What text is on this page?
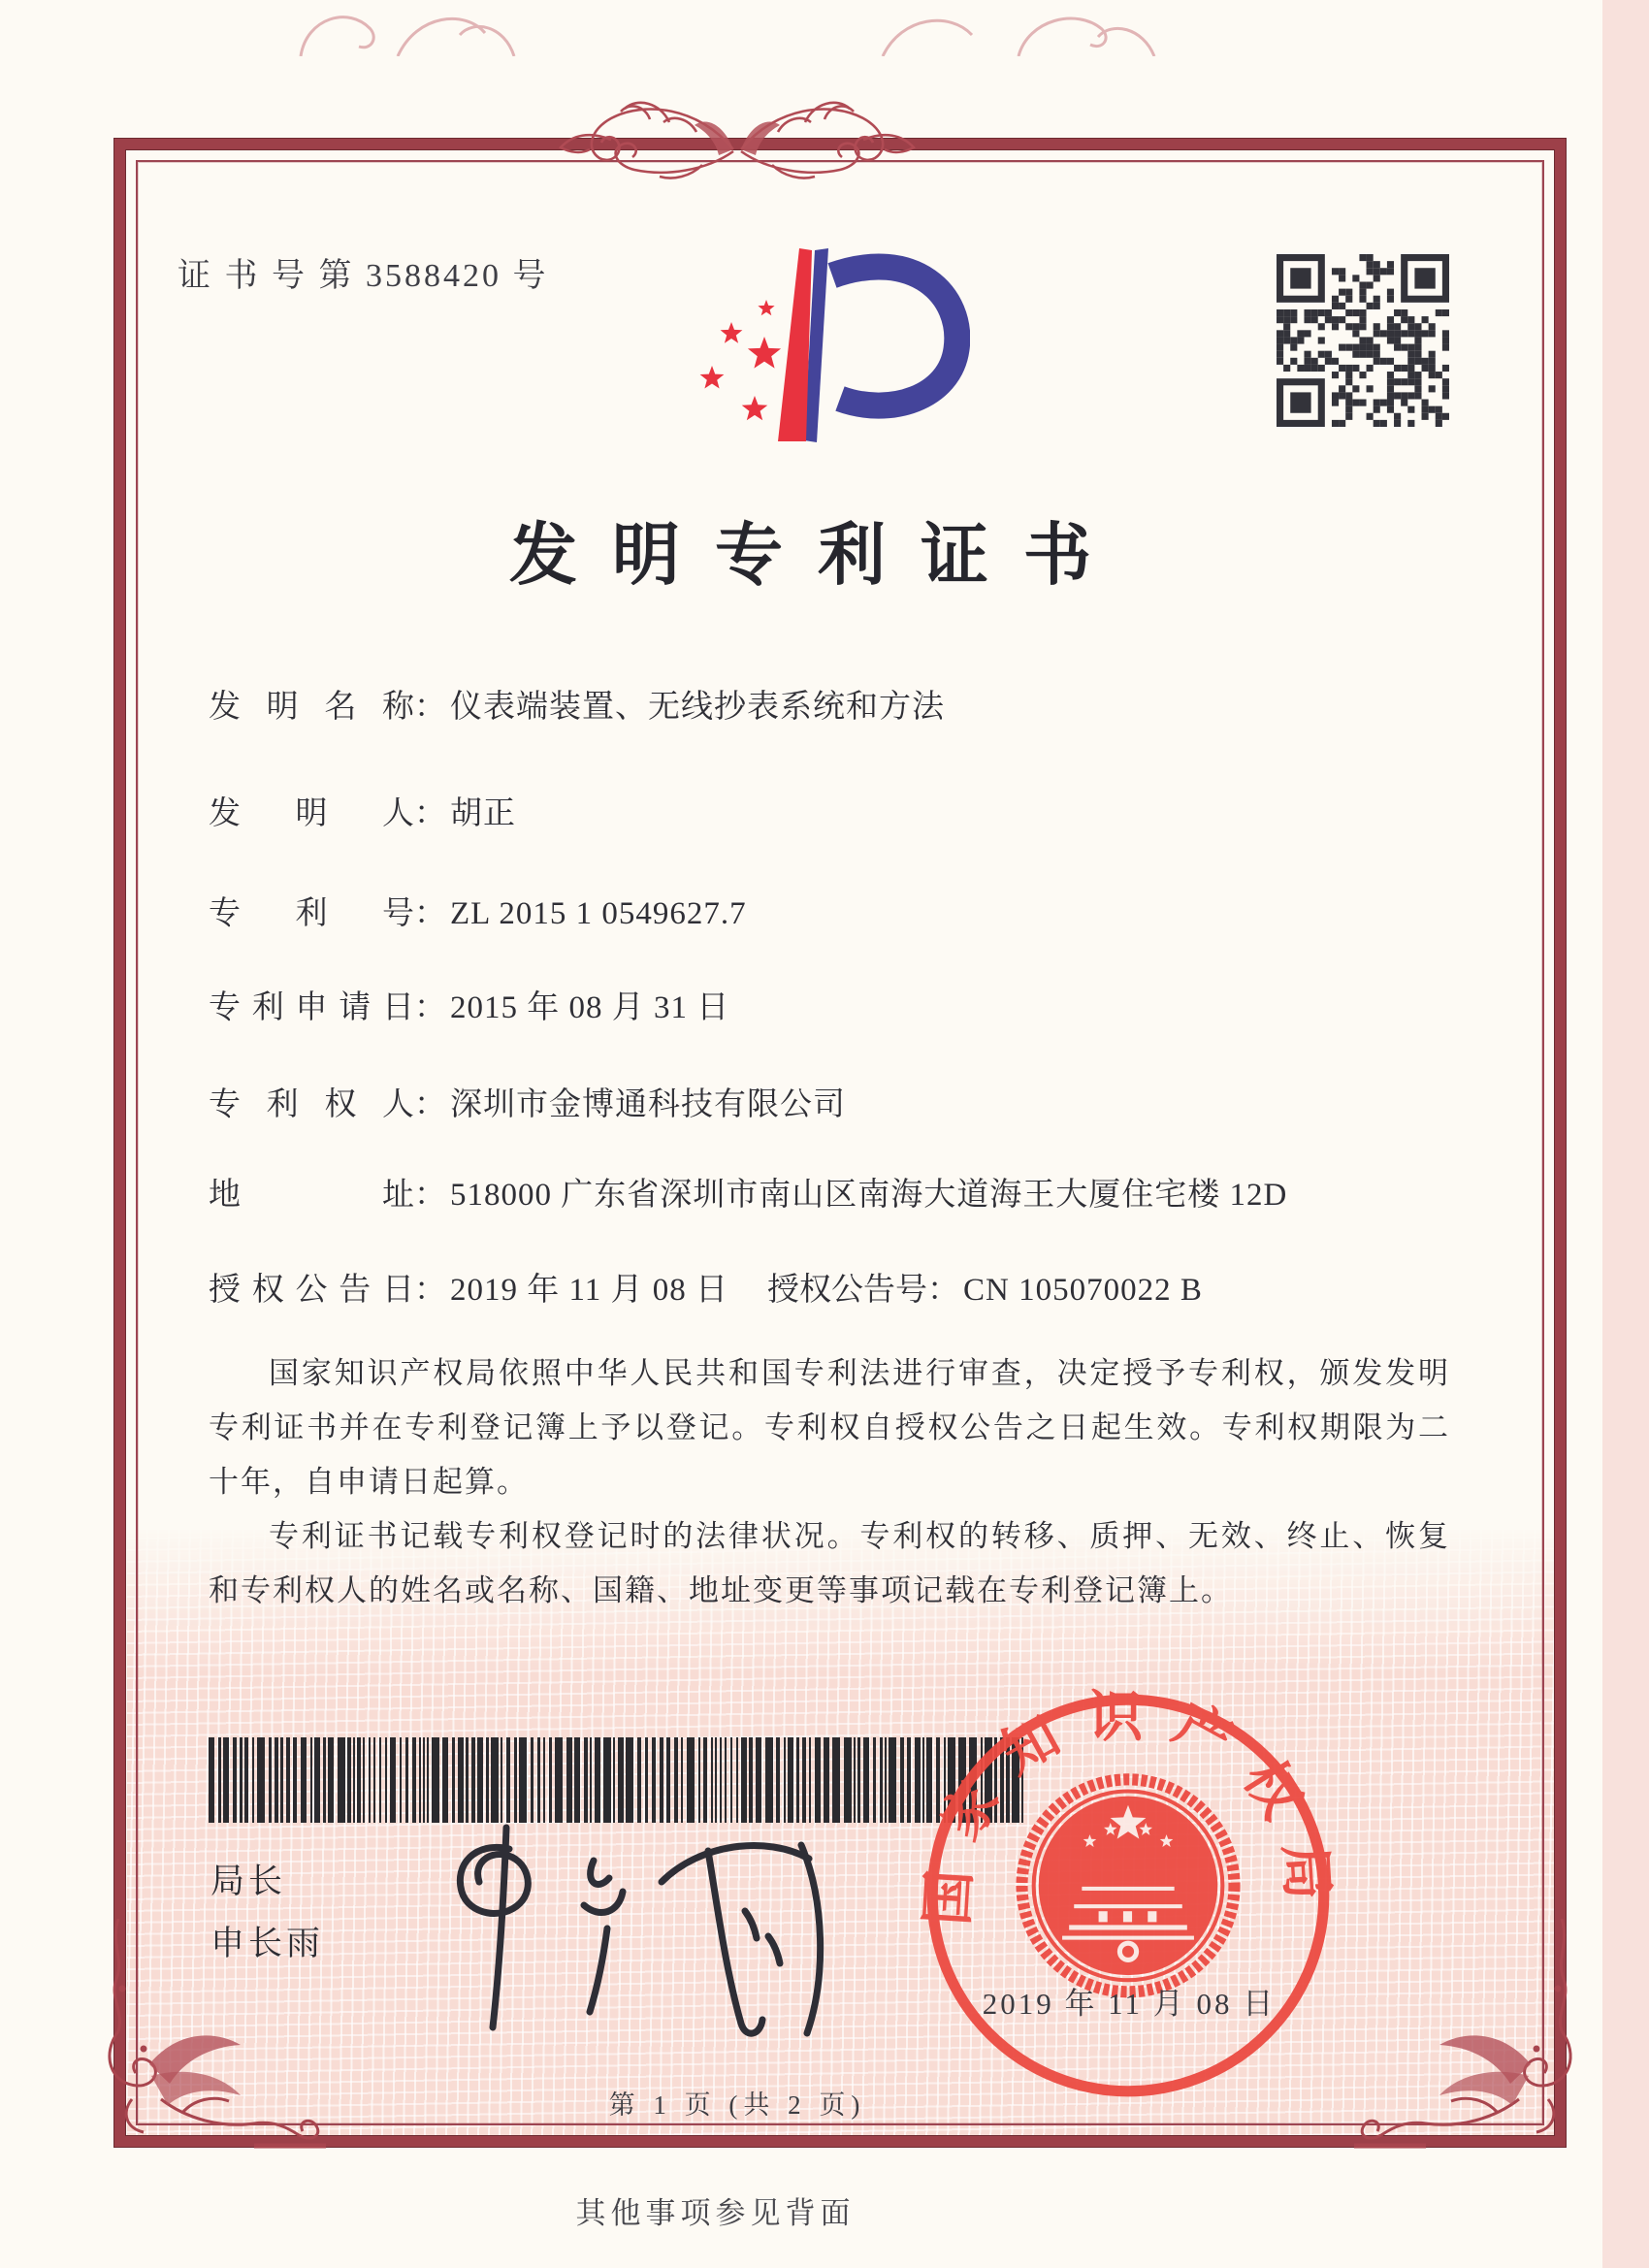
证 书 号 第 3588420 号
发明专利证书
发明名称： 仪表端装置、无线抄表系统和方法
发明人： 胡正
专利号： ZL 2015 1 0549627.7
专利申请日： 2015 年 08 月 31 日
专利权人： 深圳市金博通科技有限公司
地址： 518000 广东省深圳市南山区南海大道海王大厦住宅楼 12D
授权公告日： 2019 年 11 月 08 日 授权公告号： CN 105070022 B

国家知识产权局依照中华人民共和国专利法进行审查，决定授予专利权，颁发发明专利证书并在专利登记簿上予以登记。专利权自授权公告之日起生效。专利权期限为二十年，自申请日起算。

专利证书记载专利权登记时的法律状况。专利权的转移、质押、无效、终止、恢复和专利权人的姓名或名称、国籍、地址变更等事项记载在专利登记簿上。

局长
申长雨
国家知识产权局
2019 年 11 月 08 日
第 1 页 (共 2 页)
其他事项参见背面
